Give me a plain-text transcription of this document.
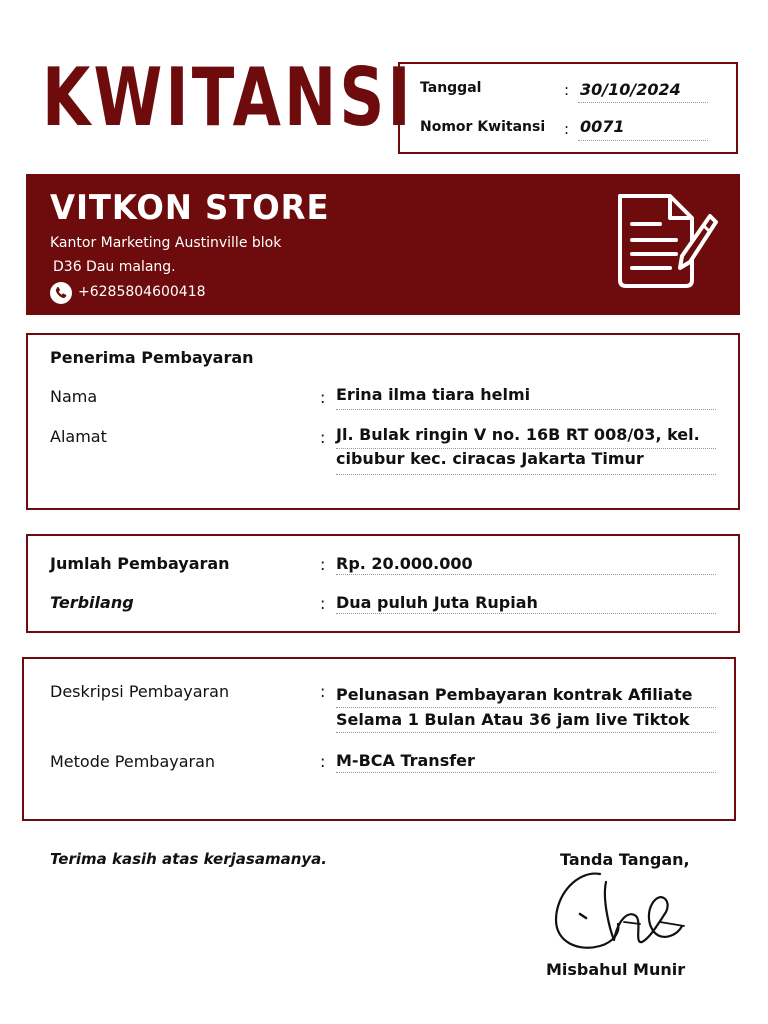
KWITANSI Tanggal	: 30/10/2024
Nomor Kwitansi : 0071
VITKON STORE
Kantor Marketing Austinville blok
D36 Dau malang.
+6285804600418
Penerima Pembayaran
Nama	: Erina ilma tiara helmi
Alamat	: Jl. Bulak ringin V no. 16B RT 008/03, kel.
cibubur kec. ciracas Jakarta Timur
Jumlah Pembayaran	: Rp. 20.000.000
Terbilang	: Dua puluh Juta Rupiah
Deskripsi Pembayaran	: Pelunasan Pembayaran kontrak Afiliate
Selama 1 Bulan Atau 36 jam live Tiktok
Metode Pembayaran	: M-BCA Transfer
Terima kasih atas kerjasamanya.	Tanda Tangan,
Misbahul Munir
